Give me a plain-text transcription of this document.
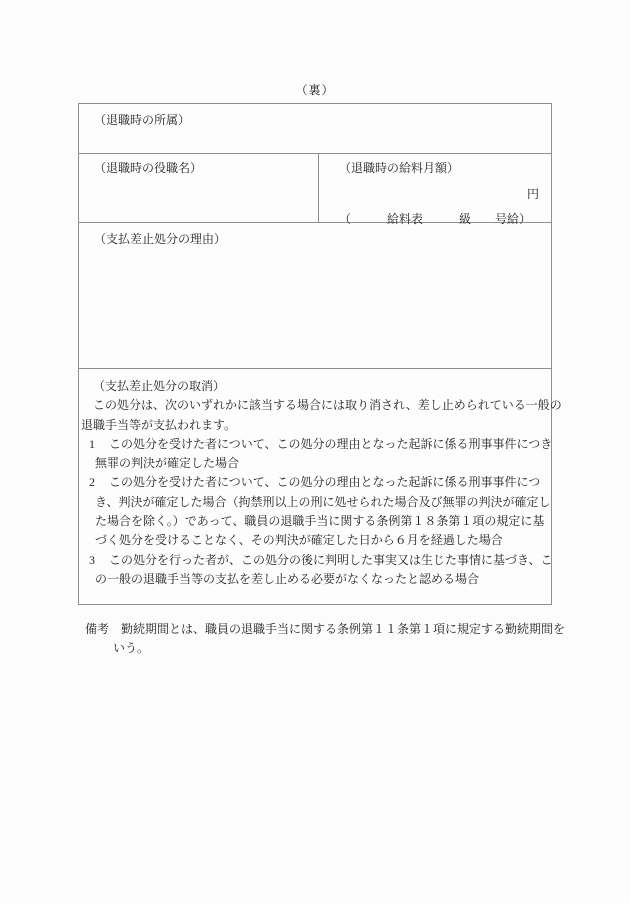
（裏）
（退職時の所属）
（退職時の役職名）	（退職時の給料月額）
円
（　　　給料表　　　級　　号給）
（支払差止処分の理由）
（支払差止処分の取消）
この処分は、次のいずれかに該当する場合には取り消され、差し止められている一般の
退職手当等が支払われます。
1	この処分を受けた者について、この処分の理由となった起訴に係る刑事事件につき
無罪の判決が確定した場合
2	この処分を受けた者について、この処分の理由となった起訴に係る刑事事件につ
き、判決が確定した場合（拘禁刑以上の刑に処せられた場合及び無罪の判決が確定し
た場合を除く。）であって、職員の退職手当に関する条例第１８条第１項の規定に基
づく処分を受けることなく、その判決が確定した日から６月を経過した場合
3	この処分を行った者が、この処分の後に判明した事実又は生じた事情に基づき、こ
の一般の退職手当等の支払を差し止める必要がなくなったと認める場合
備考 勤続期間とは、職員の退職手当に関する条例第１１条第１項に規定する勤続期間を
いう。
